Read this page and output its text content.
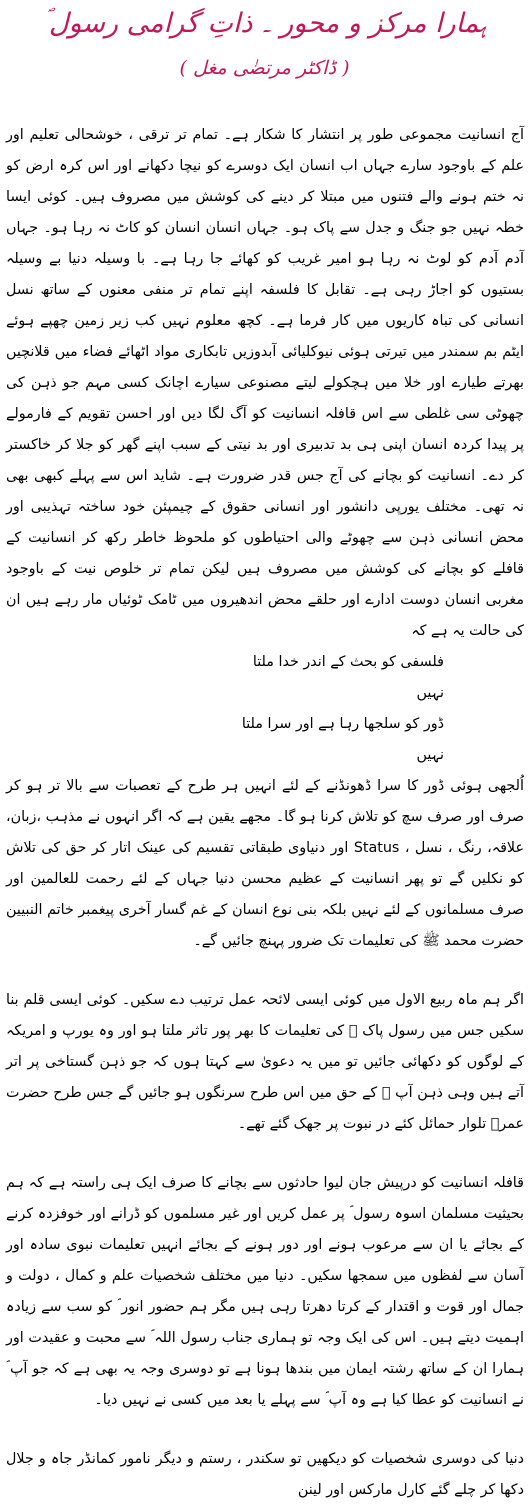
ہمارا مرکز و محور ۔ ذاتِ گرامی رسول ؐ
( ڈاکٹر مرتضٰی مغل )

آج انسانیت مجموعی طور پر انتشار کا شکار ہے۔ تمام تر ترقی ، خوشحالی تعلیم اور علم کے باوجود سارے جہاں اب انسان ایک دوسرے کو نیچا دکھانے اور اس کرہ ارض کو نہ ختم ہونے والے فتنوں میں مبتلا کر دینے کی کوشش میں مصروف ہیں۔ کوئی ایسا خطہ نہیں جو جنگ و جدل سے پاک ہو۔ جہاں انسان انسان کو کاٹ نہ رہا ہو۔ جہاں آدم آدم کو لوٹ نہ رہا ہو امیر غریب کو کھائے جا رہا ہے۔ با وسیلہ دنیا بے وسیلہ بستیوں کو اجاڑ رہی ہے۔ تقابل کا فلسفہ اپنے تمام تر منفی معنوں کے ساتھ نسل انسانی کی تباہ کاریوں میں کار فرما ہے۔ کچھ معلوم نہیں کب زیر زمین چھپے ہوئے ایٹم بم سمندر میں تیرتی ہوئی نیوکلیائی آبدوزیں تابکاری مواد اٹھائے فضاء میں قلانچیں بھرتے طیارے اور خلا میں ہچکولے لیتے مصنوعی سیارے اچانک کسی مہم جو ذہن کی چھوٹی سی غلطی سے اس قافلہ انسانیت کو آگ لگا دیں اور احسن تقویم کے فارمولے پر پیدا کردہ انسان اپنی ہی بد تدبیری اور بد نیتی کے سبب اپنے گھر کو جلا کر خاکستر کر دے۔ انسانیت کو بچانے کی آج جس قدر ضرورت ہے۔ شاید اس سے پہلے کبھی بھی نہ تھی۔ مختلف یورپی دانشور اور انسانی حقوق کے چیمپئن خود ساختہ تہذیبی اور محض انسانی ذہن سے چھوٹے والی احتیاطوں کو ملحوظ خاطر رکھ کر انسانیت کے قافلے کو بچانے کی کوشش میں مصروف ہیں لیکن تمام تر خلوص نیت کے باوجود مغربی انسان دوست ادارے اور حلقے محض اندھیروں میں ٹامک ٹوئیاں مار رہے ہیں ان کی حالت یہ ہے کہ

فلسفی کو بحث کے اندر خدا ملتا
نہیں
ڈور کو سلجھا رہا ہے اور سرا ملتا
نہیں

اُلجھی ہوئی ڈور کا سرا ڈھونڈنے کے لئے انہیں ہر طرح کے تعصبات سے بالا تر ہو کر صرف اور صرف سچ کو تلاش کرنا ہو گا۔ مجھے یقین ہے کہ اگر انہوں نے مذہب ،زبان، علاقہ، رنگ ، نسل ، Status اور دنیاوی طبقاتی تقسیم کی عینک اتار کر حق کی تلاش کو نکلیں گے تو پھر انسانیت کے عظیم محسن دنیا جہاں کے لئے رحمت للعالمین اور صرف مسلمانوں کے لئے نہیں بلکہ بنی نوع انسان کے غم گسار آخری پیغمبر خاتم النبیین حضرت محمد ﷺ کی تعلیمات تک ضرور پہنچ جائیں گے۔

اگر ہم ماہ ربیع الاول میں کوئی ایسی لائحہ عمل ترتیب دے سکیں۔ کوئی ایسی قلم بنا سکیں جس میں رسول پاک ﷺ کی تعلیمات کا بھر پور تاثر ملتا ہو اور وہ یورپ و امریکہ کے لوگوں کو دکھائی جائیں تو میں یہ دعویٰ سے کہتا ہوں کہ جو ذہن گستاخی پر اتر آتے ہیں وہی ذہن آپ ﷺ کے حق میں اس طرح سرنگوں ہو جائیں گے جس طرح حضرت عمرؓ تلوار حمائل کئے در نبوت پر جھک گئے تھے۔

قافلہ انسانیت کو درپیش جان لیوا حادثوں سے بچانے کا صرف ایک ہی راستہ ہے کہ ہم بحیثیت مسلمان اسوہ رسول ؐ پر عمل کریں اور غیر مسلموں کو ڈرانے اور خوفزدہ کرنے کے بجائے یا ان سے مرعوب ہونے اور دور ہونے کے بجائے انہیں تعلیمات نبوی سادہ اور آسان سے لفظوں میں سمجھا سکیں۔ دنیا میں مختلف شخصیات علم و کمال ، دولت و جمال اور قوت و اقتدار کے کرتا دھرتا رہی ہیں مگر ہم حضور انور ؐ کو سب سے زیادہ اہمیت دیتے ہیں۔ اس کی ایک وجہ تو ہماری جناب رسول اللہ ؐ سے محبت و عقیدت اور ہمارا ان کے ساتھ رشتہ ایمان میں بندھا ہونا ہے تو دوسری وجہ یہ بھی ہے کہ جو آپ ؐ نے انسانیت کو عطا کیا ہے وہ آپ ؐ سے پہلے یا بعد میں کسی نے نہیں دیا۔

دنیا کی دوسری شخصیات کو دیکھیں تو سکندر ، رستم و دیگر نامور کمانڈر جاہ و جلال دکھا کر چلے گئے کارل مارکس اور لینن
